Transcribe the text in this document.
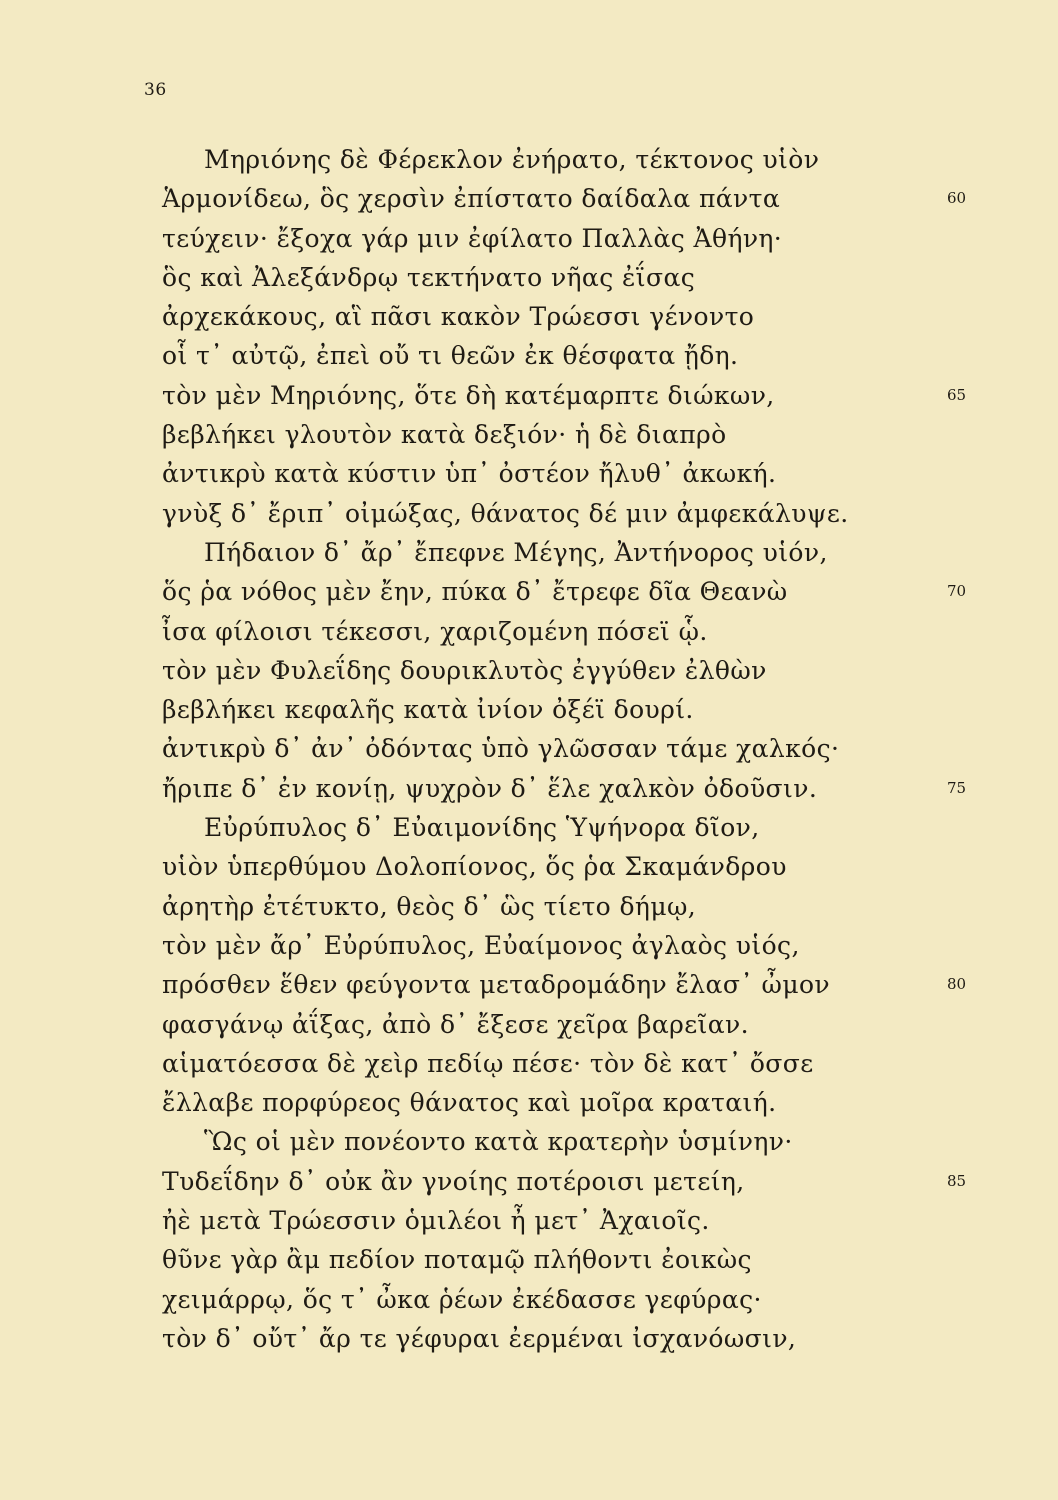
36
Μηριόνης δὲ Φέρεκλον ἐνήρατο, τέκτονος υἱὸν
Ἁρμονίδεω, ὃς χερσὶν ἐπίστατο δαίδαλα πάντα	60
τεύχειν· ἔξοχα γάρ μιν ἐφίλατο Παλλὰς Ἀθήνη·
ὃς καὶ Ἀλεξάνδρῳ τεκτήνατο νῆας ἐΐσας
ἀρχεκάκους, αἳ πᾶσι κακὸν Τρώεσσι γένοντο
οἷ τ᾽ αὐτῷ, ἐπεὶ οὔ τι θεῶν ἐκ θέσφατα ᾔδη.
τὸν μὲν Μηριόνης, ὅτε δὴ κατέμαρπτε διώκων,	65
βεβλήκει γλουτὸν κατὰ δεξιόν· ἡ δὲ διαπρὸ
ἀντικρὺ κατὰ κύστιν ὑπ᾽ ὀστέον ἤλυθ᾽ ἀκωκή.
γνὺξ δ᾽ ἔριπ᾽ οἰμώξας, θάνατος δέ μιν ἀμφεκάλυψε.
Πήδαιον δ᾽ ἄρ᾽ ἔπεφνε Μέγης, Ἀντήνορος υἱόν,
ὅς ῥα νόθος μὲν ἔην, πύκα δ᾽ ἔτρεφε δῖα Θεανὼ	70
ἶσα φίλοισι τέκεσσι, χαριζομένη πόσεϊ ᾧ.
τὸν μὲν Φυλεΐδης δουρικλυτὸς ἐγγύθεν ἐλθὼν
βεβλήκει κεφαλῆς κατὰ ἰνίον ὀξέϊ δουρί.
ἀντικρὺ δ᾽ ἀν᾽ ὀδόντας ὑπὸ γλῶσσαν τάμε χαλκός·
ἤριπε δ᾽ ἐν κονίῃ, ψυχρὸν δ᾽ ἕλε χαλκὸν ὀδοῦσιν.	75
Εὐρύπυλος δ᾽ Εὐαιμονίδης Ὑψήνορα δῖον,
υἱὸν ὑπερθύμου Δολοπίονος, ὅς ῥα Σκαμάνδρου
ἀρητὴρ ἐτέτυκτο, θεὸς δ᾽ ὣς τίετο δήμῳ,
τὸν μὲν ἄρ᾽ Εὐρύπυλος, Εὐαίμονος ἀγλαὸς υἱός,
πρόσθεν ἕθεν φεύγοντα μεταδρομάδην ἔλασ᾽ ὦμον	80
φασγάνῳ ἀΐξας, ἀπὸ δ᾽ ἔξεσε χεῖρα βαρεῖαν.
αἱματόεσσα δὲ χεὶρ πεδίῳ πέσε· τὸν δὲ κατ᾽ ὄσσε
ἔλλαβε πορφύρεος θάνατος καὶ μοῖρα κραταιή.
Ὣς οἱ μὲν πονέοντο κατὰ κρατερὴν ὑσμίνην·
Τυδεΐδην δ᾽ οὐκ ἂν γνοίης ποτέροισι μετείη,	85
ἠὲ μετὰ Τρώεσσιν ὁμιλέοι ἦ μετ᾽ Ἀχαιοῖς.
θῦνε γὰρ ἂμ πεδίον ποταμῷ πλήθοντι ἐοικὼς
χειμάρρῳ, ὅς τ᾽ ὦκα ῥέων ἐκέδασσε γεφύρας·
τὸν δ᾽ οὔτ᾽ ἄρ τε γέφυραι ἐερμέναι ἰσχανόωσιν,
